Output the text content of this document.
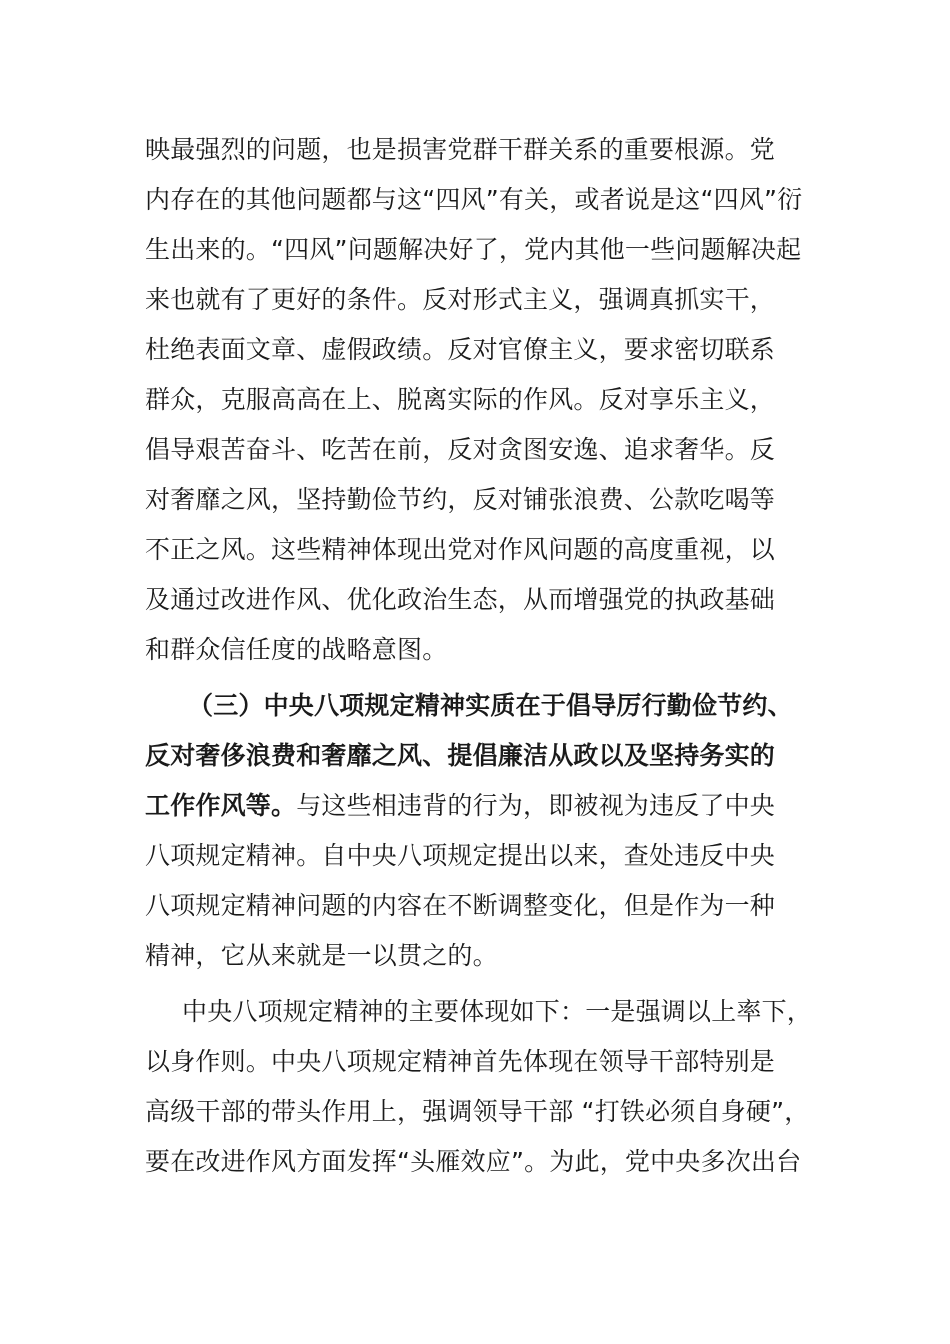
映最强烈的问题，也是损害党群干群关系的重要根源。党
内存在的其他问题都与这“四风”有关，或者说是这“四风”衍
生出来的。“四风”问题解决好了，党内其他一些问题解决起
来也就有了更好的条件。反对形式主义，强调真抓实干，
杜绝表面文章、虚假政绩。反对官僚主义，要求密切联系
群众，克服高高在上、脱离实际的作风。反对享乐主义，
倡导艰苦奋斗、吃苦在前，反对贪图安逸、追求奢华。反
对奢靡之风，坚持勤俭节约，反对铺张浪费、公款吃喝等
不正之风。这些精神体现出党对作风问题的高度重视，以
及通过改进作风、优化政治生态，从而增强党的执政基础
和群众信任度的战略意图。
（三）中央八项规定精神实质在于倡导厉行勤俭节约、
反对奢侈浪费和奢靡之风、提倡廉洁从政以及坚持务实的
工作作风等。与这些相违背的行为，即被视为违反了中央
八项规定精神。自中央八项规定提出以来，查处违反中央
八项规定精神问题的内容在不断调整变化，但是作为一种
精神，它从来就是一以贯之的。
中央八项规定精神的主要体现如下：一是强调以上率下，
以身作则。中央八项规定精神首先体现在领导干部特别是
高级干部的带头作用上，强调领导干部 “打铁必须自身硬”，
要在改进作风方面发挥“头雁效应”。为此，党中央多次出台
